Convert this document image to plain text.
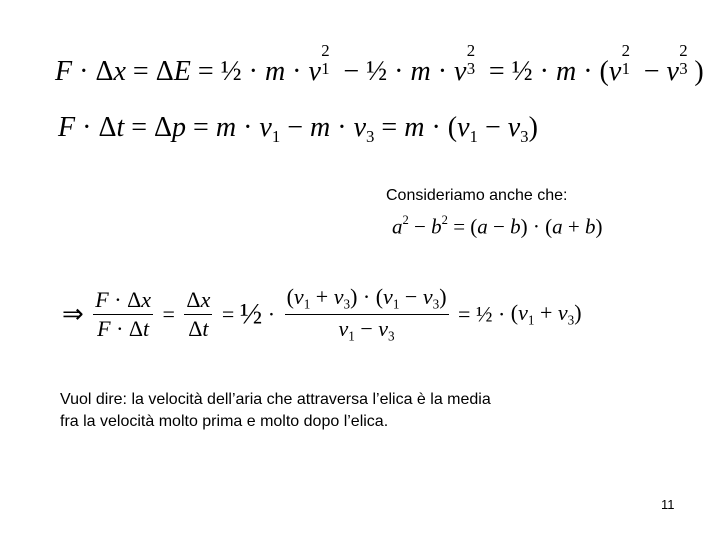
F · Δx = ΔE = ½ · m · v
2
1 − ½ · m · v
2
3 = ½ · m · (v
2
1 − v
2
3 )
$F \cdot \Delta t = \Delta p = m \cdot v_1 - m \cdot v_3 = m \cdot (v_1 - v_3)$
Consideriamo anche che:
$a^2 - b^2 = (a - b) \cdot (a + b)$
⇒ $\frac{F \cdot \Delta x}{F \cdot \Delta t} = \frac{\Delta x}{\Delta t}$ = ½ · $\frac{(v_1 + v_3) \cdot (v_1 - v_3)}{v_1 - v_3}$ = ½ · $(v_1 + v_3)$
Vuol dire: la velocità dell’aria che attraversa l’elica è la media
fra la velocità molto prima e molto dopo l’elica.
11
